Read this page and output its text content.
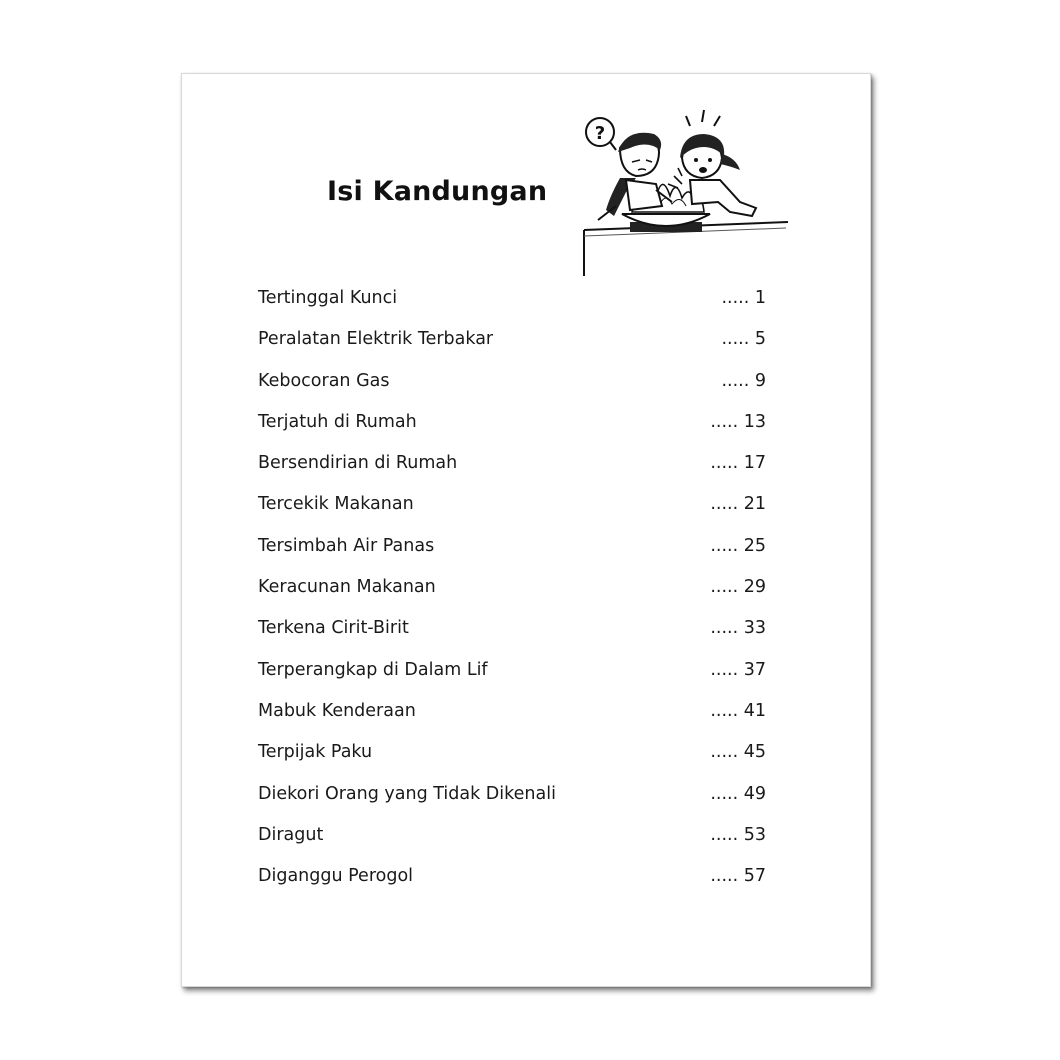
Isi Kandungan
?
Tertinggal Kunci	..... 1
Peralatan Elektrik Terbakar	..... 5
Kebocoran Gas	..... 9
Terjatuh di Rumah	..... 13
Bersendirian di Rumah	..... 17
Tercekik Makanan	..... 21
Tersimbah Air Panas	..... 25
Keracunan Makanan	..... 29
Terkena Cirit-Birit	..... 33
Terperangkap di Dalam Lif	..... 37
Mabuk Kenderaan	..... 41
Terpijak Paku	..... 45
Diekori Orang yang Tidak Dikenali	..... 49
Diragut	..... 53
Diganggu Perogol	..... 57
